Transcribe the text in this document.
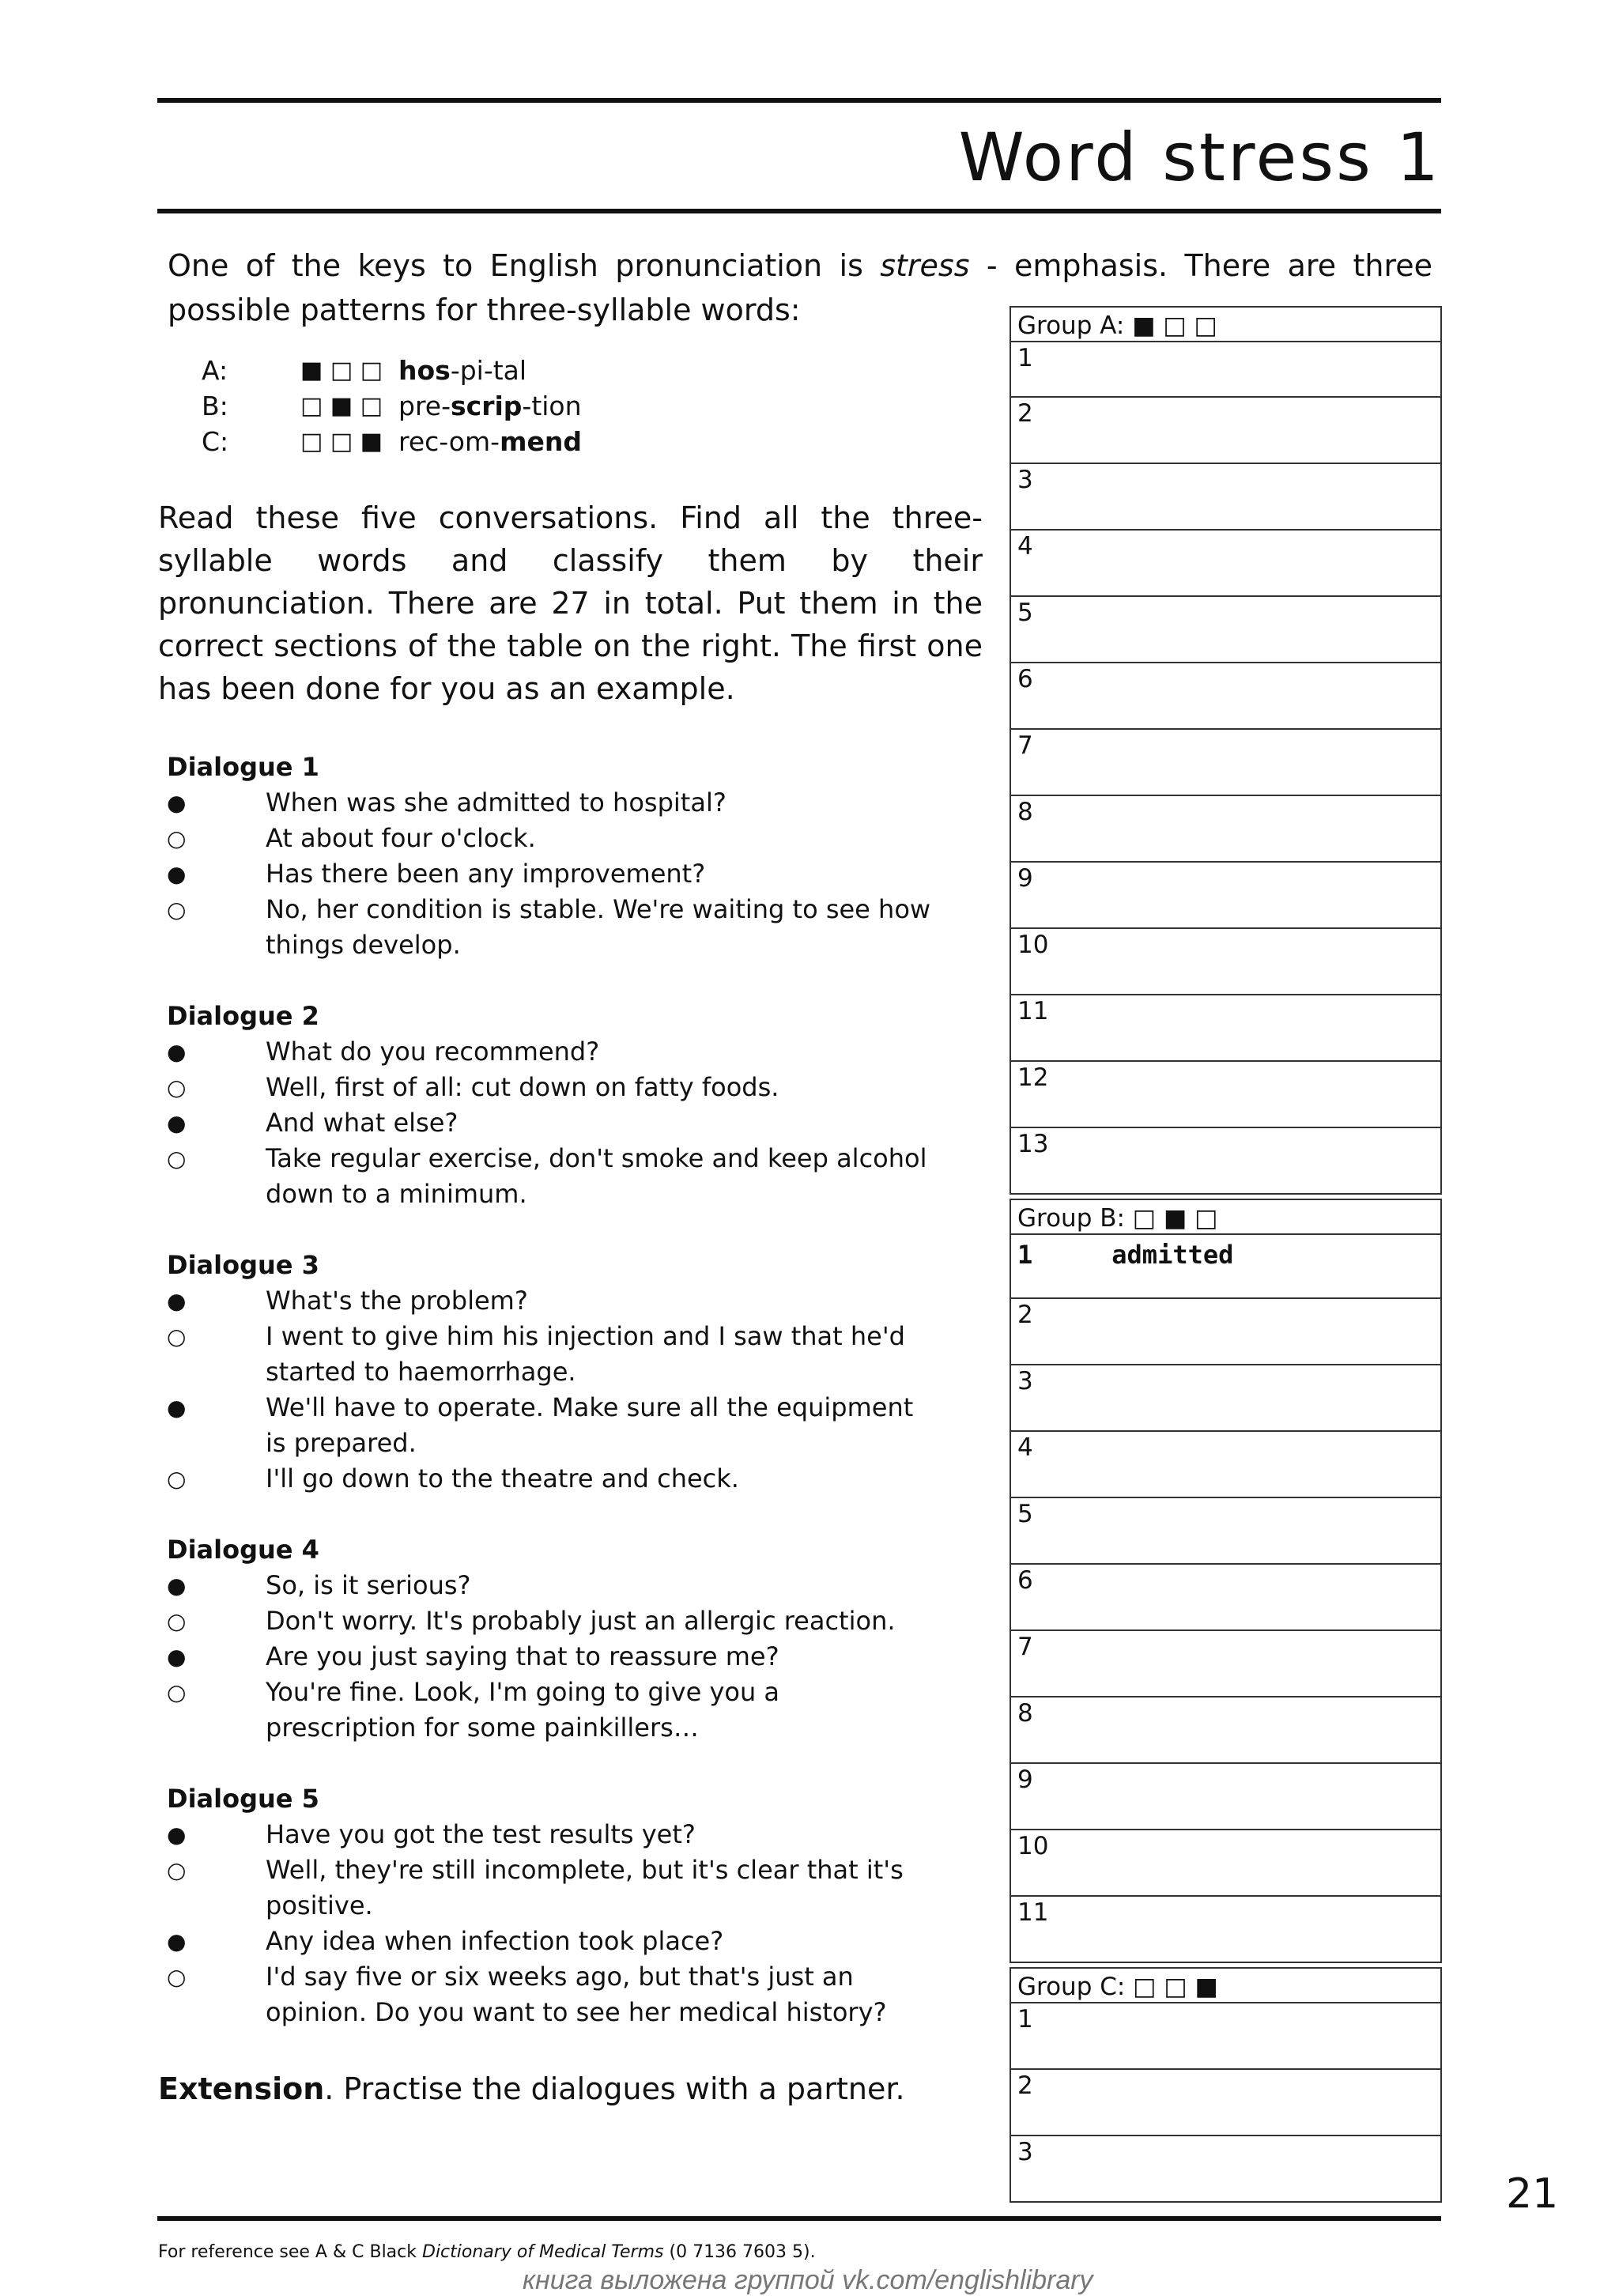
Word stress 1

One of the keys to English pronunciation is stress - emphasis. There are three possible patterns for three-syllable words:

A:	■ □ □ hos-pi-tal
B:	□ ■ □ pre-scrip-tion
C:	□ □ ■ rec-om-mend
Read these five conversations. Find all the three-syllable words and classify them by their pronunciation. There are 27 in total. Put them in the correct sections of the table on the right. The first one has been done for you as an example.
Dialogue 1
●	When was she admitted to hospital?
○	At about four o'clock.
●	Has there been any improvement?
○	No, her condition is stable. We're waiting to see how things develop.
Dialogue 2
●	What do you recommend?
○	Well, first of all: cut down on fatty foods.
●	And what else?
○	Take regular exercise, don't smoke and keep alcohol down to a minimum.
Dialogue 3
●	What's the problem?
○	I went to give him his injection and I saw that he'd started to haemorrhage.
●	We'll have to operate. Make sure all the equipment is prepared.
○	I'll go down to the theatre and check.
Dialogue 4
●	So, is it serious?
○	Don't worry. It's probably just an allergic reaction.
●	Are you just saying that to reassure me?
○	You're fine. Look, I'm going to give you a prescription for some painkillers…
Dialogue 5
●	Have you got the test results yet?
○	Well, they're still incomplete, but it's clear that it's positive.
●	Any idea when infection took place?
○	I'd say five or six weeks ago, but that's just an opinion. Do you want to see her medical history?
Extension. Practise the dialogues with a partner.
Group A: ■ □ □
1
2
3
4
5
6
7
8
9
10
11
12
13
Group B: □ ■ □
1	admitted
2
3
4
5
6
7
8
9
10
11
Group C: □ □ ■
1
2
3
21
For reference see A & C Black Dictionary of Medical Terms (0 7136 7603 5).
книга выложена группой vk.com/englishlibrary
